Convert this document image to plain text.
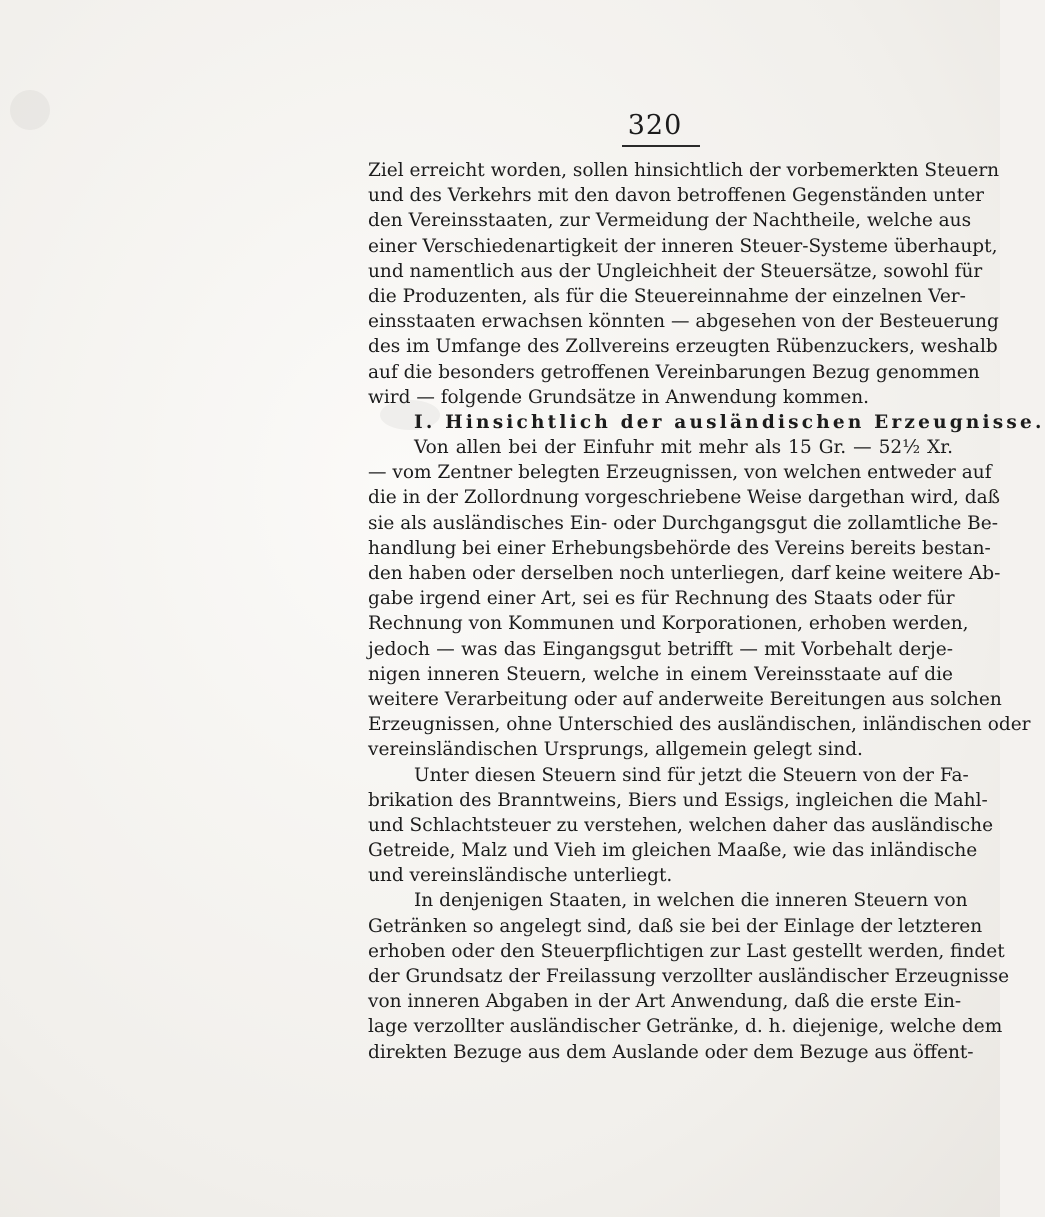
320
Ziel erreicht worden, sollen hinsichtlich der vorbemerkten Steuern
und des Verkehrs mit den davon betroffenen Gegenständen unter
den Vereinsstaaten, zur Vermeidung der Nachtheile, welche aus
einer Verschiedenartigkeit der inneren Steuer-Systeme überhaupt,
und namentlich aus der Ungleichheit der Steuersätze, sowohl für
die Produzenten, als für die Steuereinnahme der einzelnen Ver-
einsstaaten erwachsen könnten — abgesehen von der Besteuerung
des im Umfange des Zollvereins erzeugten Rübenzuckers, weshalb
auf die besonders getroffenen Vereinbarungen Bezug genommen
wird — folgende Grundsätze in Anwendung kommen.
I. Hinsichtlich der ausländischen Erzeugnisse.
Von allen bei der Einfuhr mit mehr als 15 Gr. — 52½ Xr.
— vom Zentner belegten Erzeugnissen, von welchen entweder auf
die in der Zollordnung vorgeschriebene Weise dargethan wird, daß
sie als ausländisches Ein- oder Durchgangsgut die zollamtliche Be-
handlung bei einer Erhebungsbehörde des Vereins bereits bestan-
den haben oder derselben noch unterliegen, darf keine weitere Ab-
gabe irgend einer Art, sei es für Rechnung des Staats oder für
Rechnung von Kommunen und Korporationen, erhoben werden,
jedoch — was das Eingangsgut betrifft — mit Vorbehalt derje-
nigen inneren Steuern, welche in einem Vereinsstaate auf die
weitere Verarbeitung oder auf anderweite Bereitungen aus solchen
Erzeugnissen, ohne Unterschied des ausländischen, inländischen oder
vereinsländischen Ursprungs, allgemein gelegt sind.
Unter diesen Steuern sind für jetzt die Steuern von der Fa-
brikation des Branntweins, Biers und Essigs, ingleichen die Mahl-
und Schlachtsteuer zu verstehen, welchen daher das ausländische
Getreide, Malz und Vieh im gleichen Maaße, wie das inländische
und vereinsländische unterliegt.
In denjenigen Staaten, in welchen die inneren Steuern von
Getränken so angelegt sind, daß sie bei der Einlage der letzteren
erhoben oder den Steuerpflichtigen zur Last gestellt werden, findet
der Grundsatz der Freilassung verzollter ausländischer Erzeugnisse
von inneren Abgaben in der Art Anwendung, daß die erste Ein-
lage verzollter ausländischer Getränke, d. h. diejenige, welche dem
direkten Bezuge aus dem Auslande oder dem Bezuge aus öffent-
